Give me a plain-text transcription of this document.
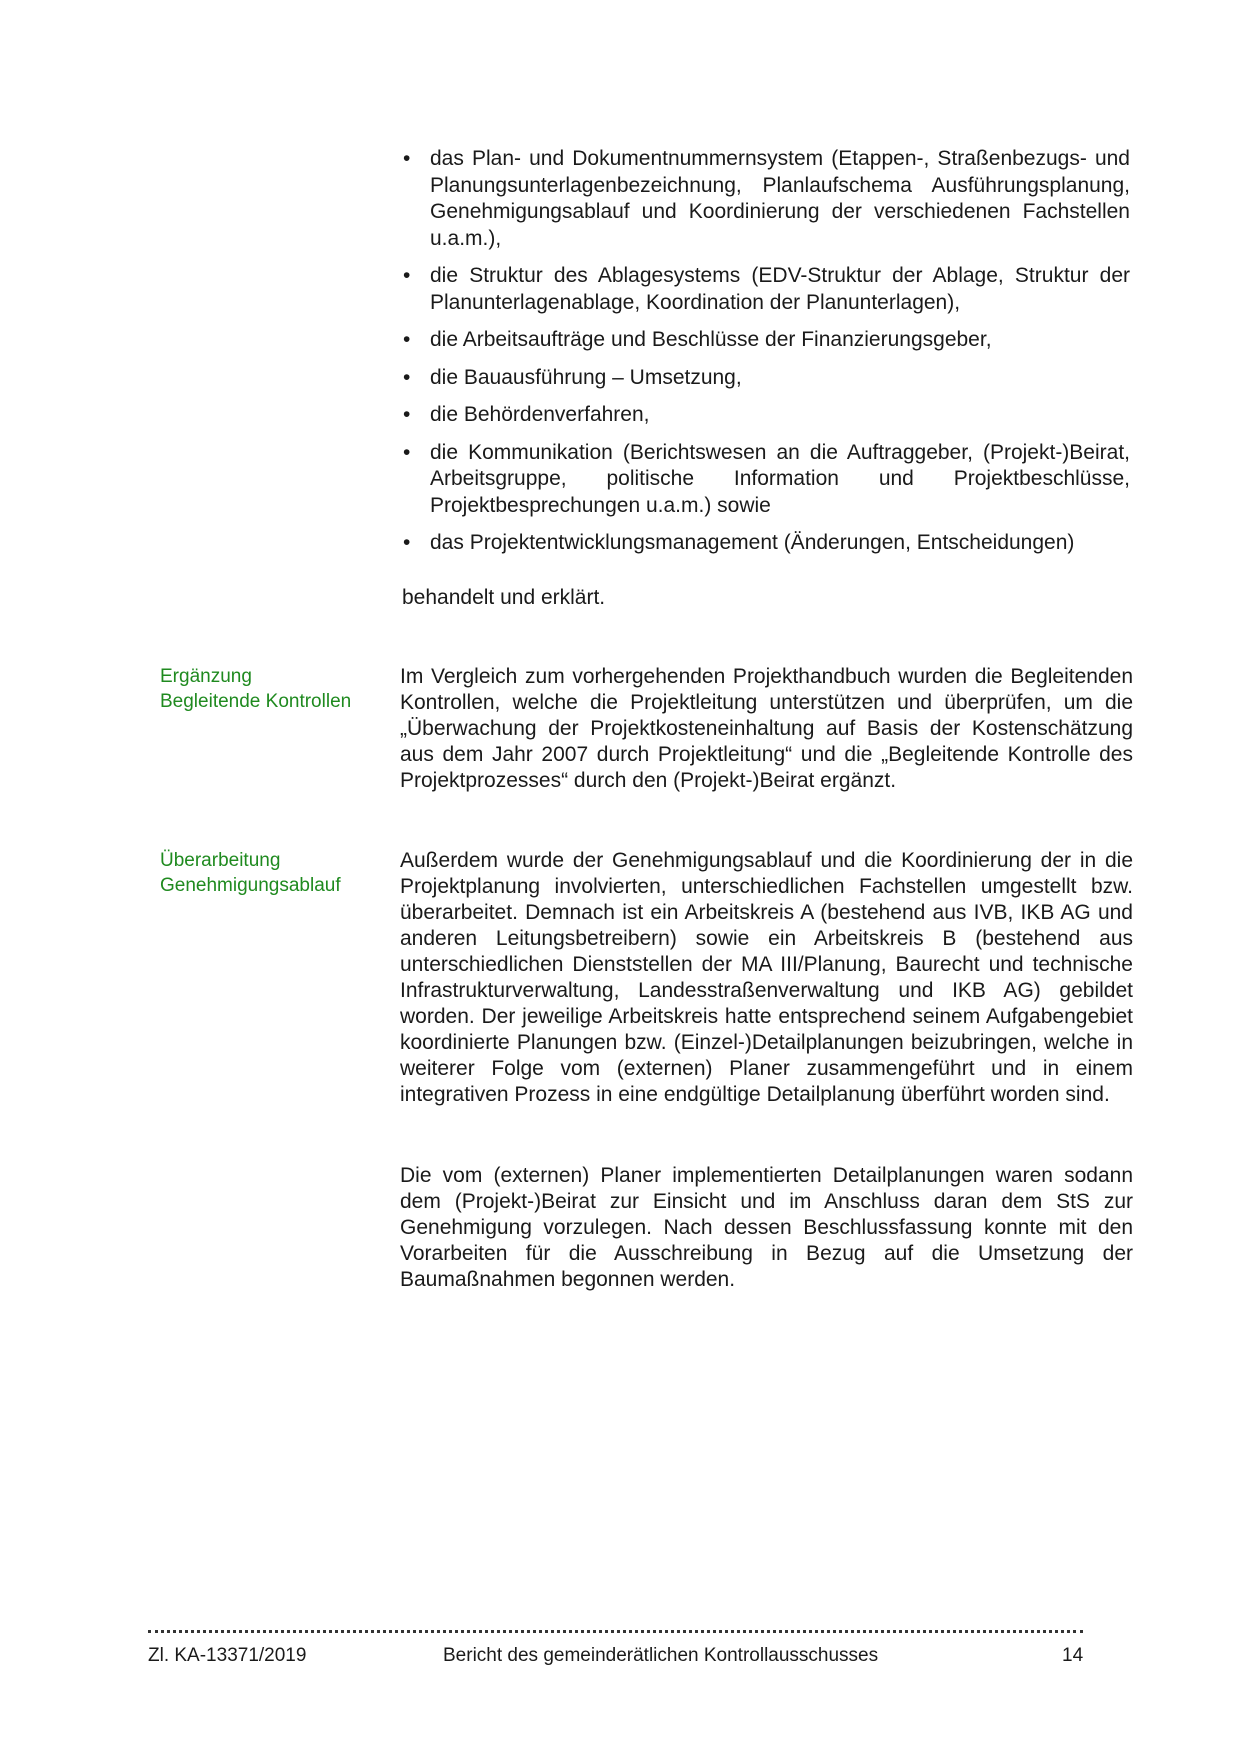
• das Plan- und Dokumentnummernsystem (Etappen-, Straßenbezugs- und Planungsunterlagenbezeichnung, Planlaufschema Ausführungsplanung, Genehmigungsablauf und Koordinierung der verschiedenen Fachstellen u.a.m.),
• die Struktur des Ablagesystems (EDV-Struktur der Ablage, Struktur der Planunterlagenablage, Koordination der Planunterlagen),
• die Arbeitsaufträge und Beschlüsse der Finanzierungsgeber,
• die Bauausführung – Umsetzung,
• die Behördenverfahren,
• die Kommunikation (Berichtswesen an die Auftraggeber, (Projekt-)Beirat, Arbeitsgruppe, politische Information und Projektbeschlüsse, Projektbesprechungen u.a.m.) sowie
• das Projektentwicklungsmanagement (Änderungen, Entscheidungen)
behandelt und erklärt.
Ergänzung
Begleitende Kontrollen

Im Vergleich zum vorhergehenden Projekthandbuch wurden die Begleitenden Kontrollen, welche die Projektleitung unterstützen und überprüfen, um die „Überwachung der Projektkosteneinhaltung auf Basis der Kostenschätzung aus dem Jahr 2007 durch Projektleitung“ und die „Begleitende Kontrolle des Projektprozesses“ durch den (Projekt-)Beirat ergänzt.

Überarbeitung
Genehmigungsablauf

Außerdem wurde der Genehmigungsablauf und die Koordinierung der in die Projektplanung involvierten, unterschiedlichen Fachstellen umgestellt bzw. überarbeitet. Demnach ist ein Arbeitskreis A (bestehend aus IVB, IKB AG und anderen Leitungsbetreibern) sowie ein Arbeitskreis B (bestehend aus unterschiedlichen Dienststellen der MA III/Planung, Baurecht und technische Infrastrukturverwaltung, Landesstraßenverwaltung und IKB AG) gebildet worden. Der jeweilige Arbeitskreis hatte entsprechend seinem Aufgabengebiet koordinierte Planungen bzw. (Einzel-)Detailplanungen beizubringen, welche in weiterer Folge vom (externen) Planer zusammengeführt und in einem integrativen Prozess in eine endgültige Detailplanung überführt worden sind.

Die vom (externen) Planer implementierten Detailplanungen waren sodann dem (Projekt-)Beirat zur Einsicht und im Anschluss daran dem StS zur Genehmigung vorzulegen. Nach dessen Beschlussfassung konnte mit den Vorarbeiten für die Ausschreibung in Bezug auf die Umsetzung der Baumaßnahmen begonnen werden.

Zl. KA-13371/2019	Bericht des gemeinderätlichen Kontrollausschusses	14
